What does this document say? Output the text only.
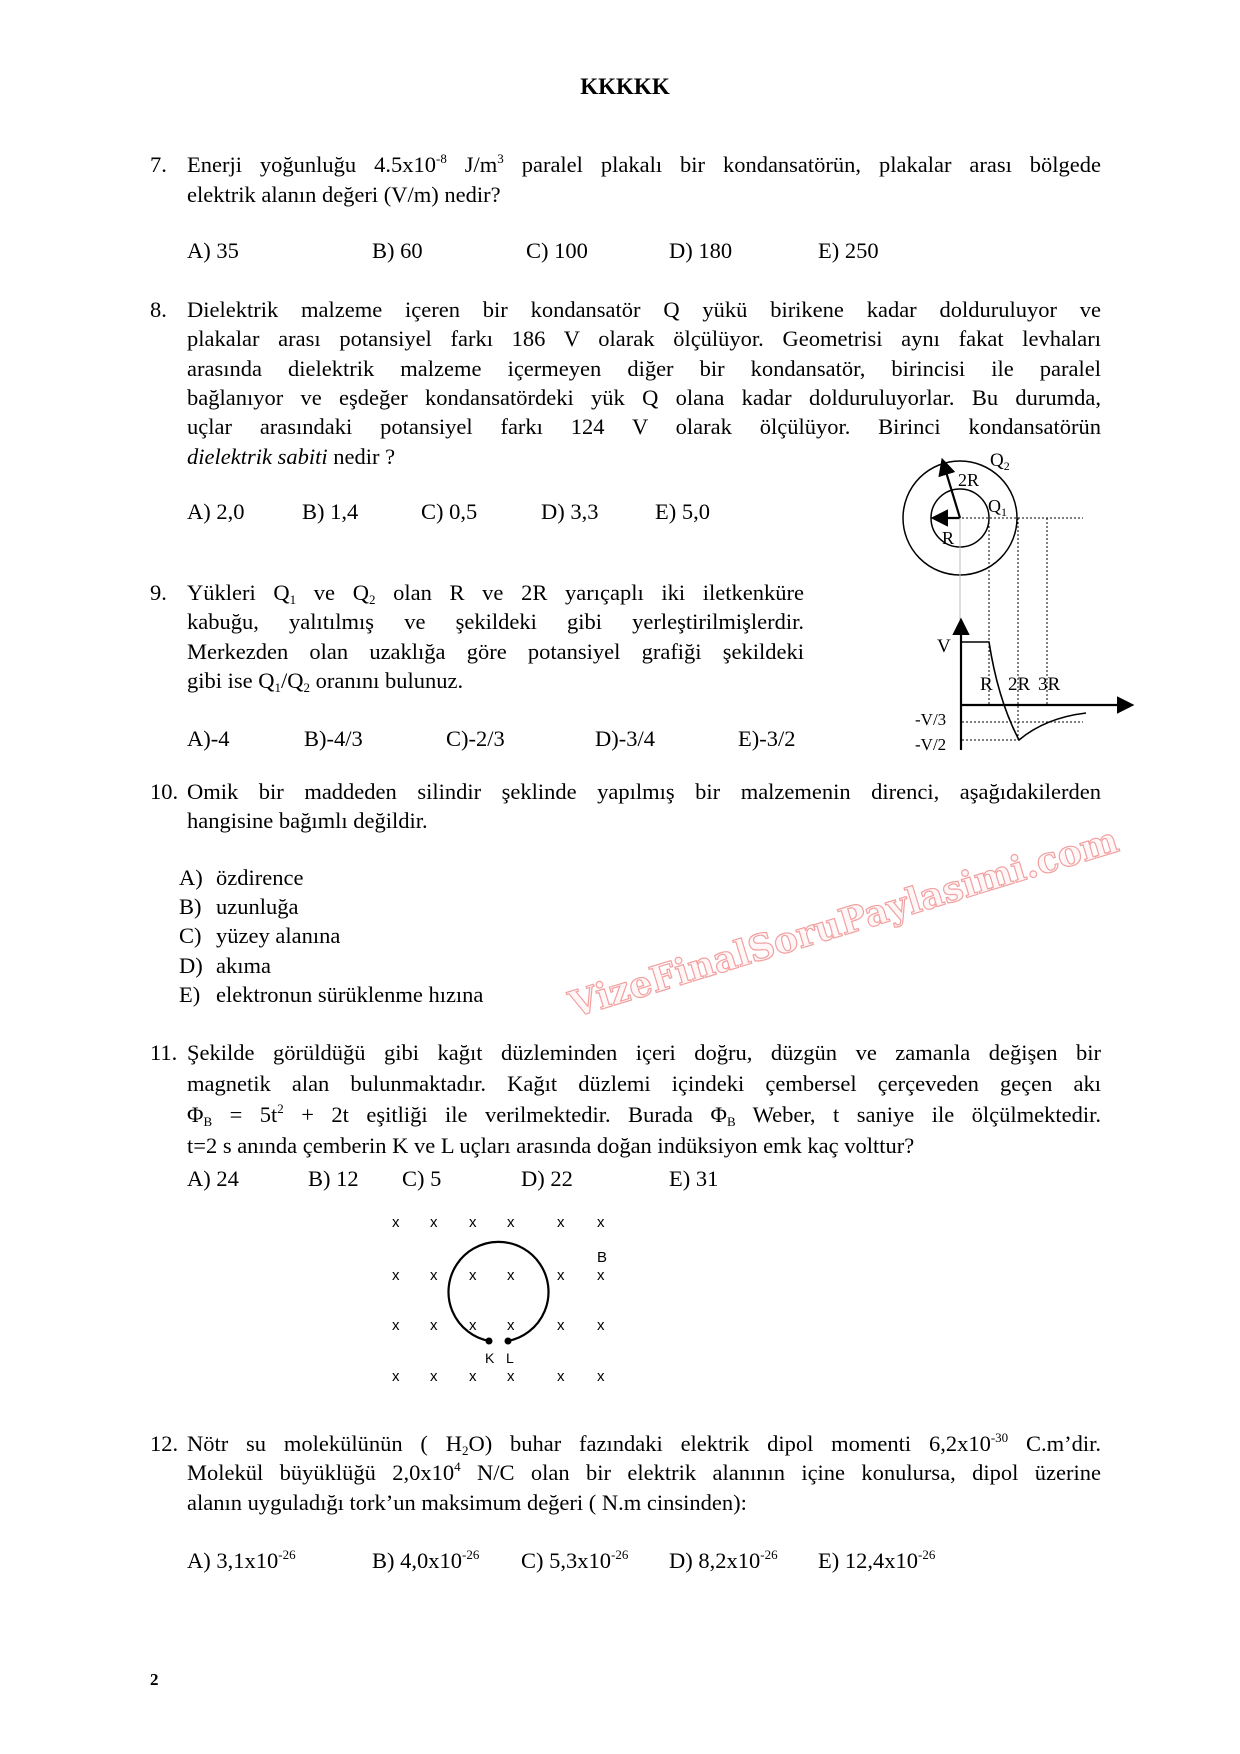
KKKKK
7. Enerji yoğunluğu $4.5x10^{-8}$ $J/m^3$ paralel plakalı bir kondansatörün, plakalar arası bölgede
elektrik alanın değeri (V/m) nedir?
A) 35	B) 60	C) 100	D) 180	E) 250
8. Dielektrik malzeme içeren bir kondansatör Q yükü birikene kadar dolduruluyor ve
plakalar arası potansiyel farkı 186 V olarak ölçülüyor. Geometrisi aynı fakat levhaları
arasında dielektrik malzeme içermeyen diğer bir kondansatör, birincisi ile paralel
bağlanıyor ve eşdeğer kondansatördeki yük Q olana kadar dolduruluyorlar. Bu durumda,
uçlar arasındaki potansiyel farkı 124 V olarak ölçülüyor. Birinci kondansatörün
dielektrik sabiti nedir ?
A) 2,0	B) 1,4	C) 0,5	D) 3,3	E) 5,0
9. Yükleri $Q_1$ ve $Q_2$ olan R ve 2R yarıçaplı iki iletkenküre
kabuğu, yalıtılmış ve şekildeki gibi yerleştirilmişlerdir.
Merkezden olan uzaklığa göre potansiyel grafiği şekildeki
gibi ise $Q_1/Q_2$ oranını bulunuz.
A)-4	B)-4/3	C)-2/3	D)-3/4	E)-3/2
10. Omik bir maddeden silindir şeklinde yapılmış bir malzemenin direnci, aşağıdakilerden
hangisine bağımlı değildir.
A) özdirence
B) uzunluğa
C) yüzey alanına
D) akıma
E) elektronun sürüklenme hızına
11. Şekilde görüldüğü gibi kağıt düzleminden içeri doğru, düzgün ve zamanla değişen bir
magnetik alan bulunmaktadır. Kağıt düzlemi içindeki çembersel çerçeveden geçen akı
$\Phi_B = 5t^2 + 2t$ eşitliği ile verilmektedir. Burada $\Phi_B$ Weber, t saniye ile ölçülmektedir.
t=2 s anında çemberin K ve L uçları arasında doğan indüksiyon emk kaç volttur?
A) 24	B) 12 C) 5	D) 22	E) 31
12. Nötr su molekülünün ( $H_2O$) buhar fazındaki elektrik dipol momenti $6,2x10^{-30}$ C.m’dir.
Molekül büyüklüğü $2,0x10^4$ N/C olan bir elektrik alanının içine konulursa, dipol üzerine
alanın uyguladığı tork’un maksimum değeri ( N.m cinsinden):
A) $3,1x10^{-26}$	B) $4,0x10^{-26}$ C) $5,3x10^{-26}$ D) $8,2x10^{-26}$ E) $12,4x10^{-26}$
VizeFinalSoruPaylasimi.com
$Q_2$
2R
$Q_1$
R
V
R 2R 3R
-V/3
-V/2
K L
B
x x x x	x x
x x x x	x x
x x x x	x x
x x x x	x x
2
